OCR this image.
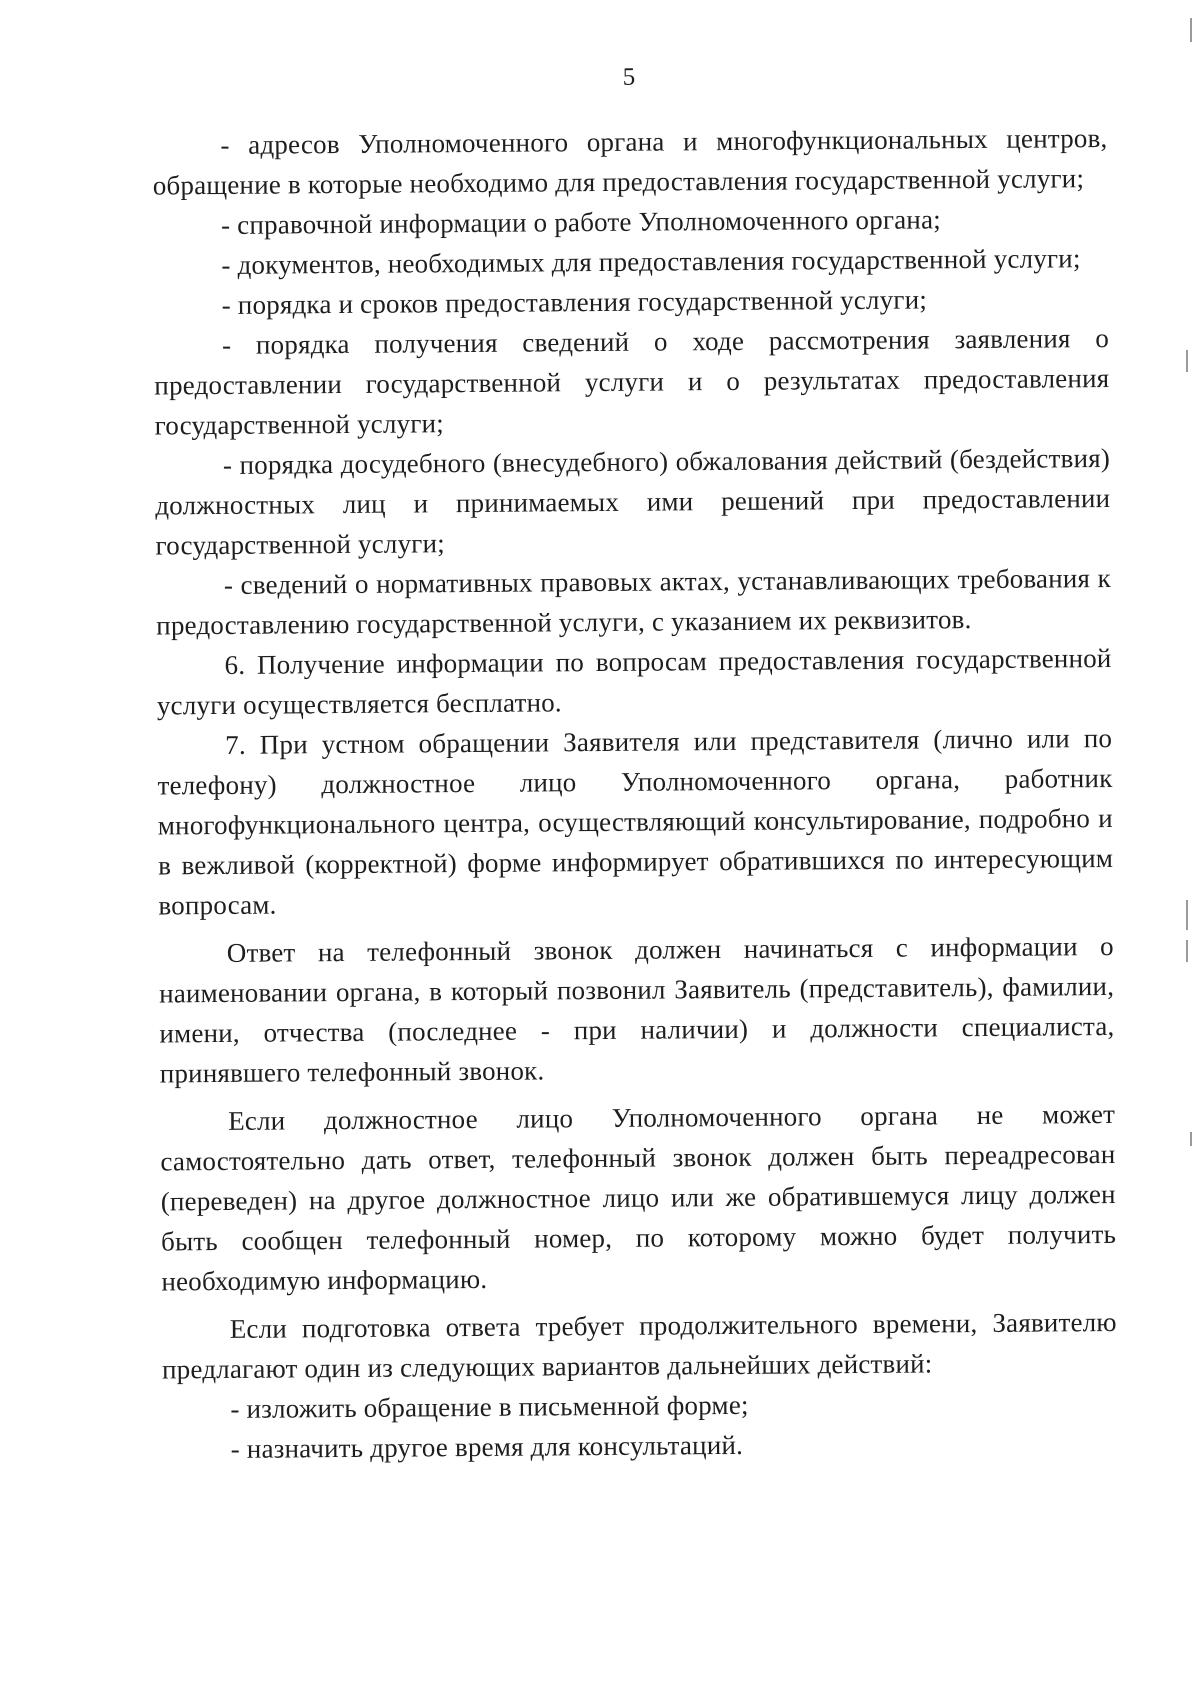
5

- адресов Уполномоченного органа и многофункциональных центров, обращение в которые необходимо для предоставления государственной услуги;

- справочной информации о работе Уполномоченного органа;

- документов, необходимых для предоставления государственной услуги;

- порядка и сроков предоставления государственной услуги;

- порядка получения сведений о ходе рассмотрения заявления о предоставлении государственной услуги и о результатах предоставления государственной услуги;

- порядка досудебного (внесудебного) обжалования действий (бездействия) должностных лиц и принимаемых ими решений при предоставлении государственной услуги;

- сведений о нормативных правовых актах, устанавливающих требования к предоставлению государственной услуги, с указанием их реквизитов.

6. Получение информации по вопросам предоставления государственной услуги осуществляется бесплатно.

7. При устном обращении Заявителя или представителя (лично или по телефону) должностное лицо Уполномоченного органа, работник многофункционального центра, осуществляющий консультирование, подробно и в вежливой (корректной) форме информирует обратившихся по интересующим вопросам.

Ответ на телефонный звонок должен начинаться с информации о наименовании органа, в который позвонил Заявитель (представитель), фамилии, имени, отчества (последнее - при наличии) и должности специалиста, принявшего телефонный звонок.

Если должностное лицо Уполномоченного органа не может самостоятельно дать ответ, телефонный звонок должен быть переадресован (переведен) на другое должностное лицо или же обратившемуся лицу должен быть сообщен телефонный номер, по которому можно будет получить необходимую информацию.

Если подготовка ответа требует продолжительного времени, Заявителю предлагают один из следующих вариантов дальнейших действий:

- изложить обращение в письменной форме;

- назначить другое время для консультаций.
